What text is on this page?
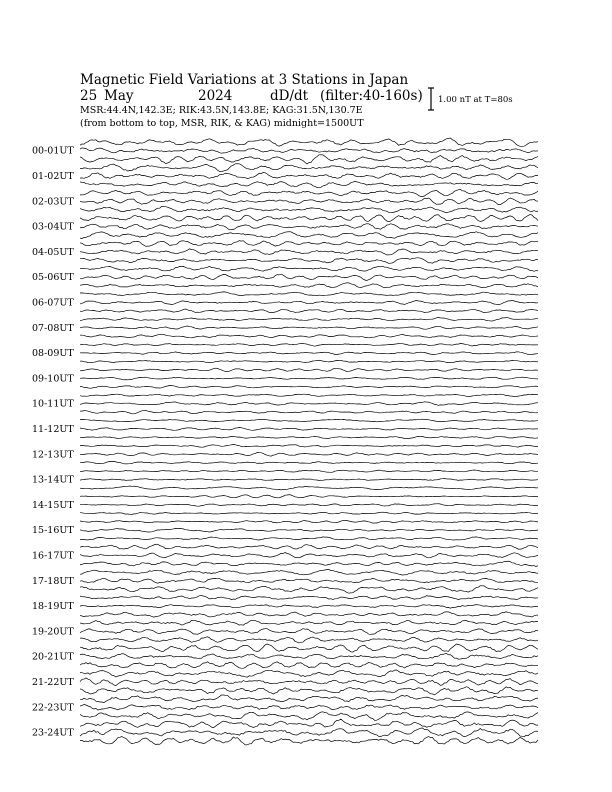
Magnetic Field Variations at 3 Stations in Japan
25 May	2024	dD/dt (filter:40-160s)
MSR:44.4N,142.3E; RIK:43.5N,143.8E; KAG:31.5N,130.7E
(from bottom to top, MSR, RIK, & KAG) midnight=1500UT
1.00 nT at T=80s
00-01UT
01-02UT
02-03UT
03-04UT
04-05UT
05-06UT
06-07UT
07-08UT
08-09UT
09-10UT
10-11UT
11-12UT
12-13UT
13-14UT
14-15UT
15-16UT
16-17UT
17-18UT
18-19UT
19-20UT
20-21UT
21-22UT
22-23UT
23-24UT
